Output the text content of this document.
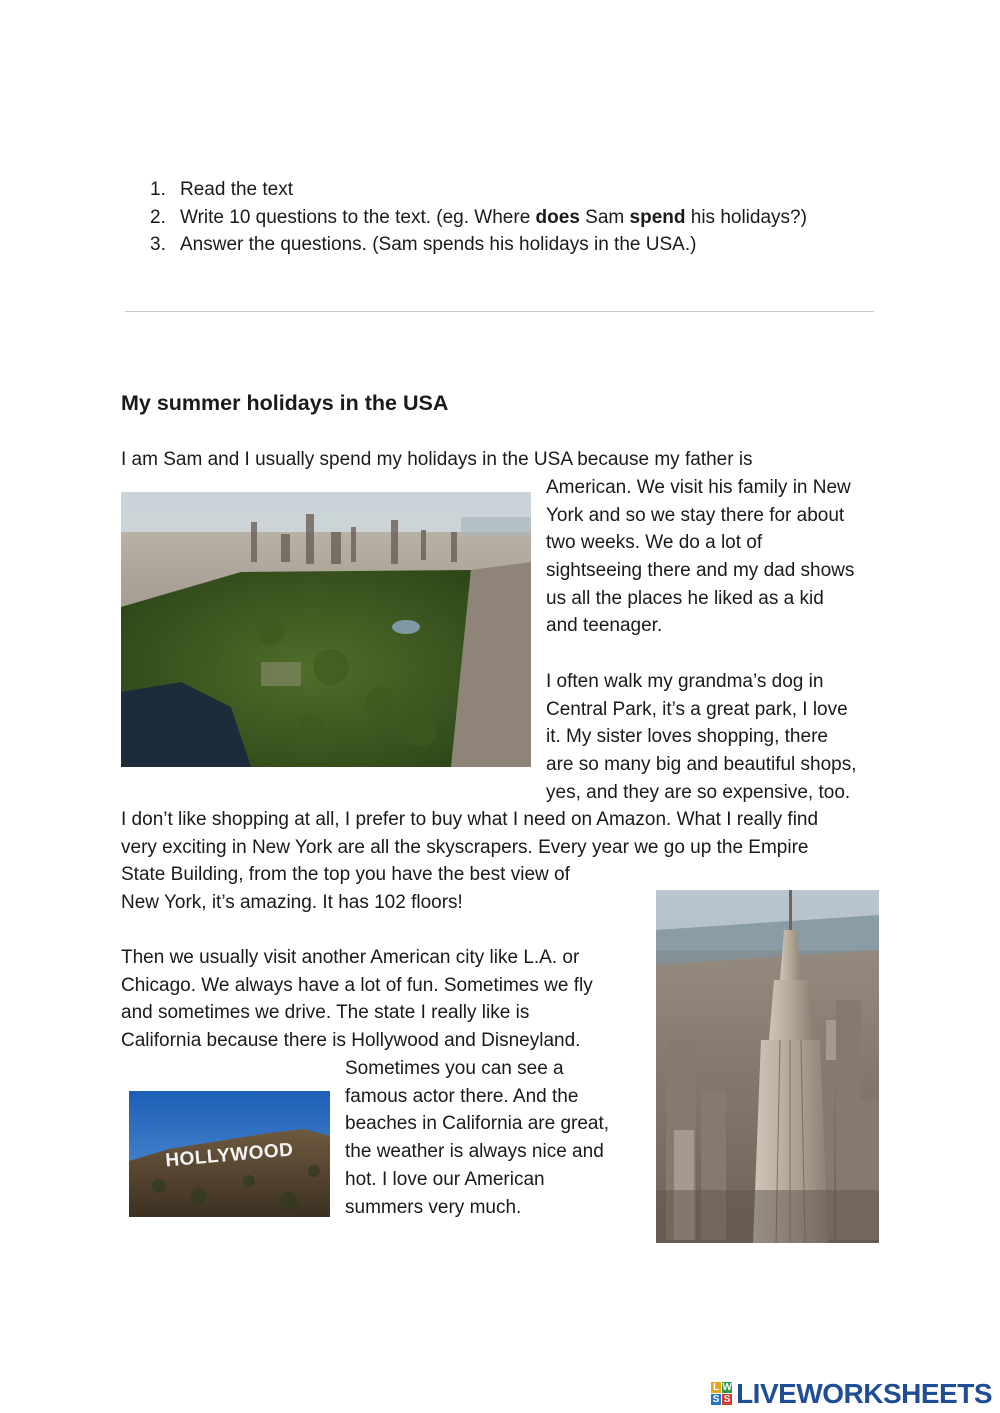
1. Read the text
2. Write 10 questions to the text. (eg. Where does Sam spend his holidays?)
3. Answer the questions. (Sam spends his holidays in the USA.)
My summer holidays in the USA
I am Sam and I usually spend my holidays in the USA because my father is
American. We visit his family in New
York and so we stay there for about
two weeks. We do a lot of
sightseeing there and my dad shows
us all the places he liked as a kid
and teenager.
I often walk my grandma’s dog in
Central Park, it’s a great park, I love
it. My sister loves shopping, there
are so many big and beautiful shops,
yes, and they are so expensive, too.
I don’t like shopping at all, I prefer to buy what I need on Amazon. What I really find
very exciting in New York are all the skyscrapers. Every year we go up the Empire
State Building, from the top you have the best view of
New York, it’s amazing. It has 102 floors!
Then we usually visit another American city like L.A. or
Chicago. We always have a lot of fun. Sometimes we fly
and sometimes we drive. The state I really like is
California because there is Hollywood and Disneyland.
Sometimes you can see a
famous actor there. And the
beaches in California are great,
the weather is always nice and
hot. I love our American
summers very much.
HOLLYWOOD
L W
S S LIVEWORKSHEETS
